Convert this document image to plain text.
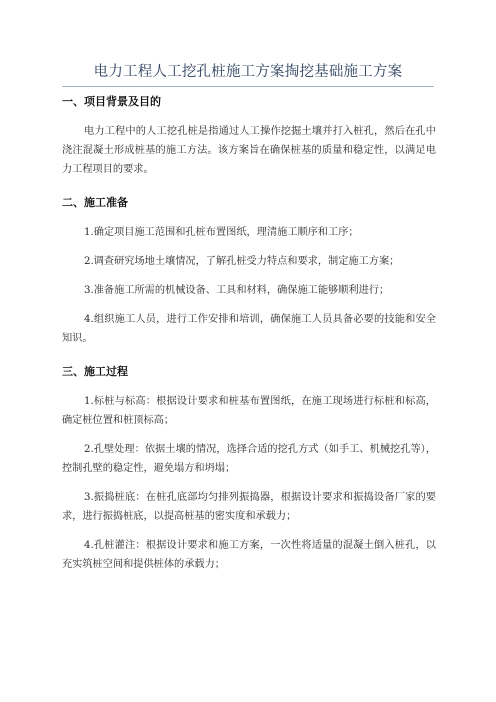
电力工程人工挖孔桩施工方案掏挖基础施工方案
一、项目背景及目的

电力工程中的人工挖孔桩是指通过人工操作挖掘土壤并打入桩孔，然后在孔中浇注混凝土形成桩基的施工方法。该方案旨在确保桩基的质量和稳定性，以满足电力工程项目的要求。

二、施工准备

1.确定项目施工范围和孔桩布置图纸，理清施工顺序和工序；

2.调查研究场地土壤情况，了解孔桩受力特点和要求，制定施工方案；

3.准备施工所需的机械设备、工具和材料，确保施工能够顺利进行；

4.组织施工人员，进行工作安排和培训，确保施工人员具备必要的技能和安全知识。

三、施工过程

1.标桩与标高：根据设计要求和桩基布置图纸，在施工现场进行标桩和标高，确定桩位置和桩顶标高；

2.孔壁处理：依据土壤的情况，选择合适的挖孔方式（如手工、机械挖孔等），控制孔壁的稳定性，避免塌方和坍塌；

3.振捣桩底：在桩孔底部均匀排列振捣器，根据设计要求和振捣设备厂家的要求，进行振捣桩底，以提高桩基的密实度和承载力；

4.孔桩灌注：根据设计要求和施工方案，一次性将适量的混凝土倒入桩孔，以充实筑桩空间和提供桩体的承载力；
